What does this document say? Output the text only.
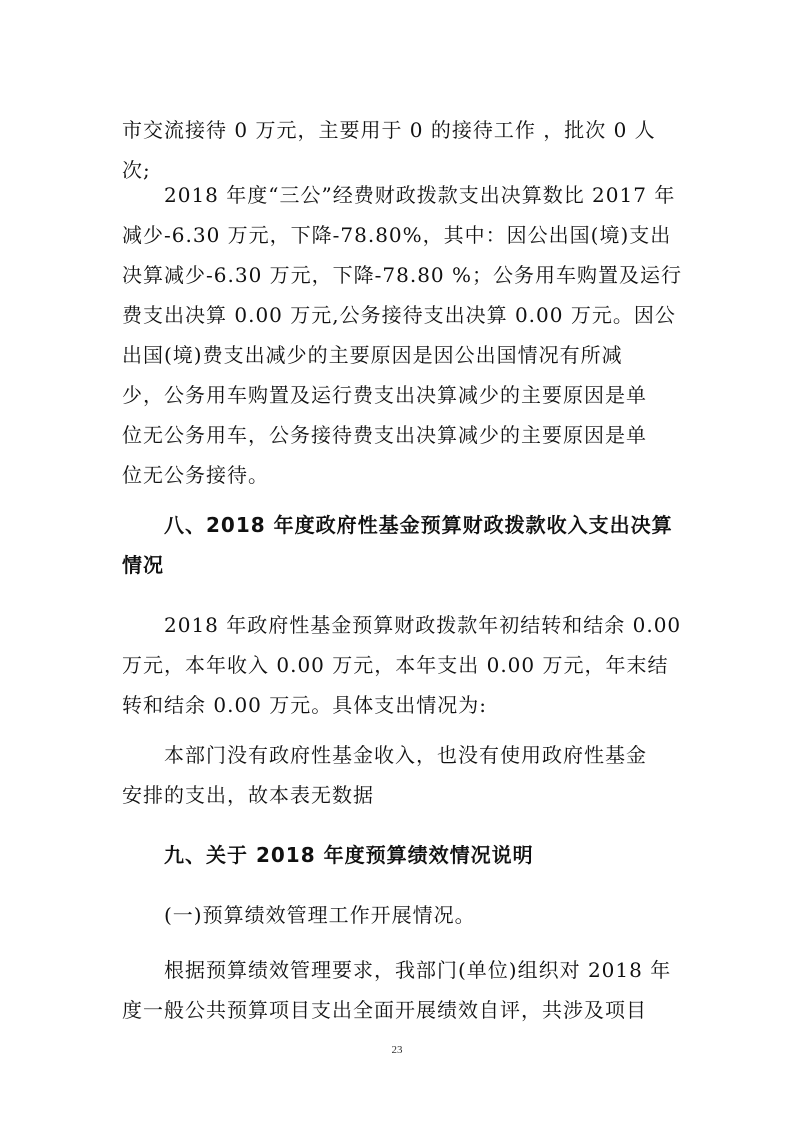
市交流接待 0 万元，主要用于 0 的接待工作 ，批次 0 人
次;
2018 年度“三公”经费财政拨款支出决算数比 2017 年
减少-6.30 万元，下降-78.80%，其中：因公出国(境)支出
决算减少-6.30 万元，下降-78.80 %；公务用车购置及运行
费支出决算 0.00 万元,公务接待支出决算 0.00 万元。因公
出国(境)费支出减少的主要原因是因公出国情况有所减
少，公务用车购置及运行费支出决算减少的主要原因是单
位无公务用车，公务接待费支出决算减少的主要原因是单
位无公务接待。
八、2018 年度政府性基金预算财政拨款收入支出决算
情况
2018 年政府性基金预算财政拨款年初结转和结余 0.00
万元，本年收入 0.00 万元，本年支出 0.00 万元，年末结
转和结余 0.00 万元。具体支出情况为:
本部门没有政府性基金收入，也没有使用政府性基金
安排的支出，故本表无数据
九、关于 2018 年度预算绩效情况说明
(一)预算绩效管理工作开展情况。
根据预算绩效管理要求，我部门(单位)组织对 2018 年
度一般公共预算项目支出全面开展绩效自评，共涉及项目
23
